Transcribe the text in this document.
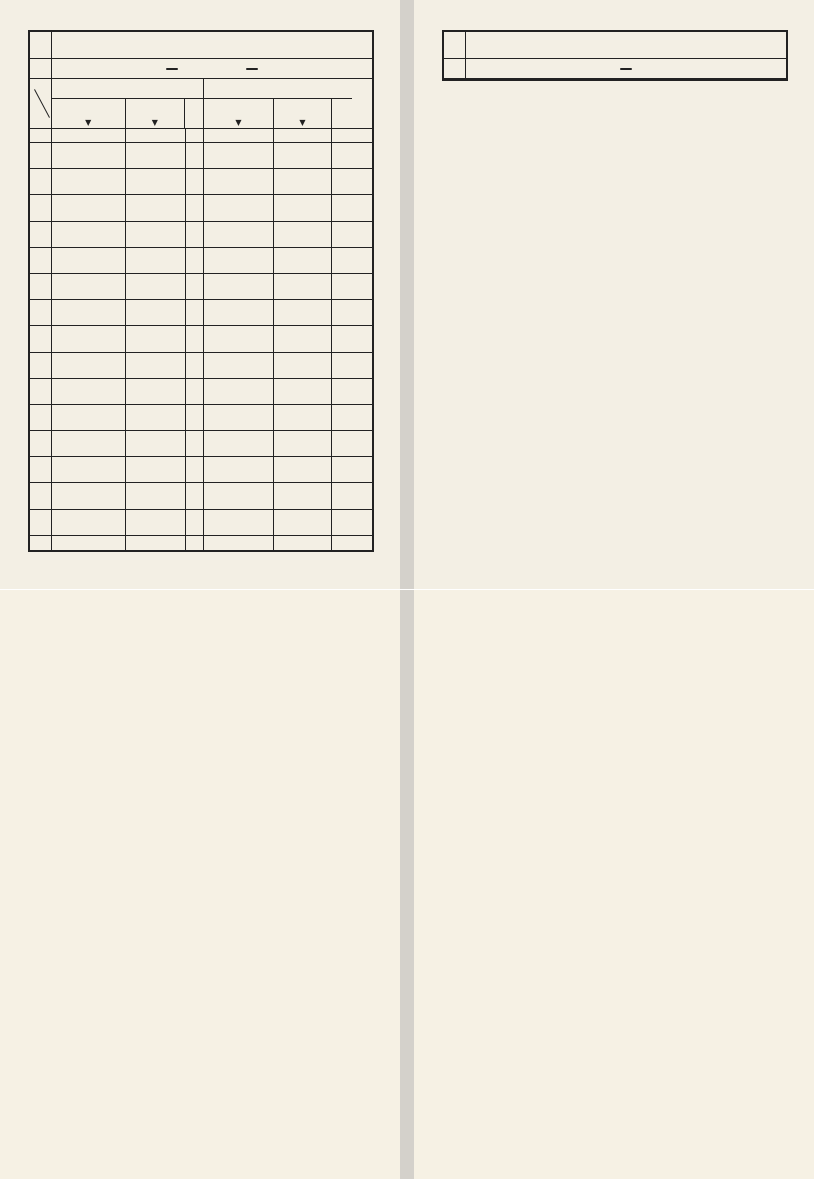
▼	▼	▼	▼
